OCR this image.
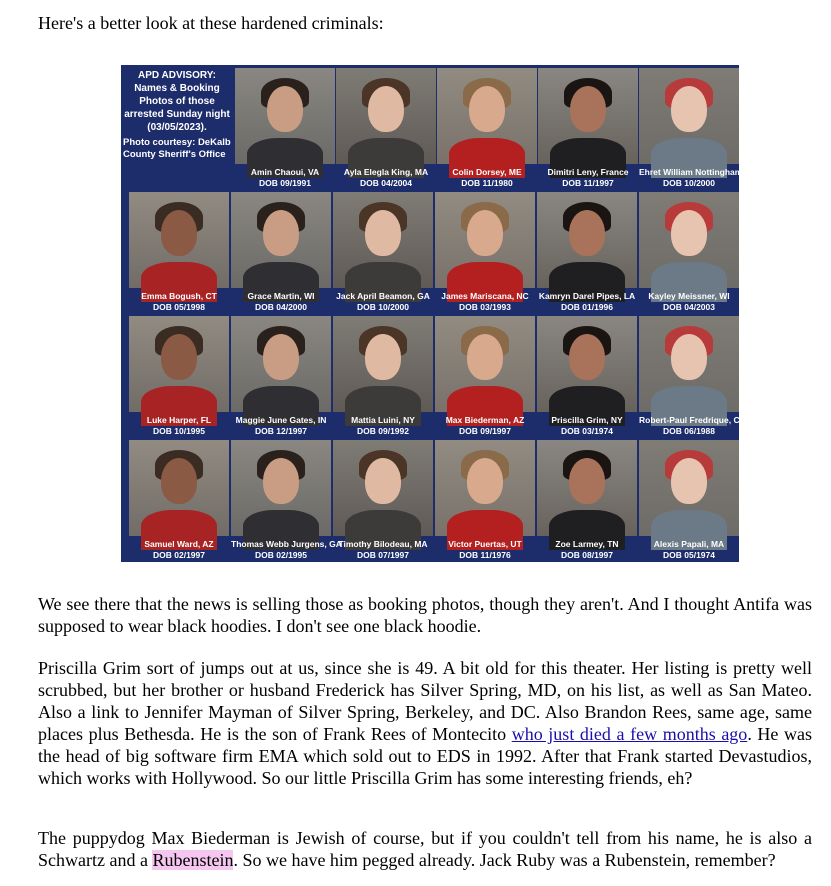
Here's a better look at these hardened criminals:
APD ADVISORY: Names & Booking Photos of those arrested Sunday night (03/05/2023).
Photo courtesy: DeKalb County Sheriff's Office
Amin Chaoui, VA
DOB 09/1991
Ayla Elegla King, MA
DOB 04/2004
Colin Dorsey, ME
DOB 11/1980
Dimitri Leny, France
DOB 11/1997
Ehret William Nottingham, CO
DOB 10/2000
Emma Bogush, CT
DOB 05/1998
Grace Martin, WI
DOB 04/2000
Jack April Beamon, GA
DOB 10/2000
James Mariscana, NC
DOB 03/1993
Kamryn Darel Pipes, LA
DOB 01/1996
Kayley Meissner, WI
DOB 04/2003
Luke Harper, FL
DOB 10/1995
Maggie June Gates, IN
DOB 12/1997
Mattia Luini, NY
DOB 09/1992
Max Biederman, AZ
DOB 09/1997
Priscilla Grim, NY
DOB 03/1974
Robert-Paul Fredrique, Canada
DOB 06/1988
Samuel Ward, AZ
DOB 02/1997
Thomas Webb Jurgens, GA
DOB 02/1995
Timothy Bilodeau, MA
DOB 07/1997
Victor Puertas, UT
DOB 11/1976
Zoe Larmey, TN
DOB 08/1997
Alexis Papali, MA
DOB 05/1974
We see there that the news is selling those as booking photos, though they aren't. And I thought Antifa was supposed to wear black hoodies. I don't see one black hoodie.
Priscilla Grim sort of jumps out at us, since she is 49. A bit old for this theater. Her listing is pretty well scrubbed, but her brother or husband Frederick has Silver Spring, MD, on his list, as well as San Mateo. Also a link to Jennifer Mayman of Silver Spring, Berkeley, and DC. Also Brandon Rees, same age, same places plus Bethesda. He is the son of Frank Rees of Montecito who just died a few months ago. He was the head of big software firm EMA which sold out to EDS in 1992. After that Frank started Devastudios, which works with Hollywood. So our little Priscilla Grim has some interesting friends, eh?
The puppydog Max Biederman is Jewish of course, but if you couldn't tell from his name, he is also a Schwartz and a Rubenstein. So we have him pegged already. Jack Ruby was a Rubenstein, remember?
